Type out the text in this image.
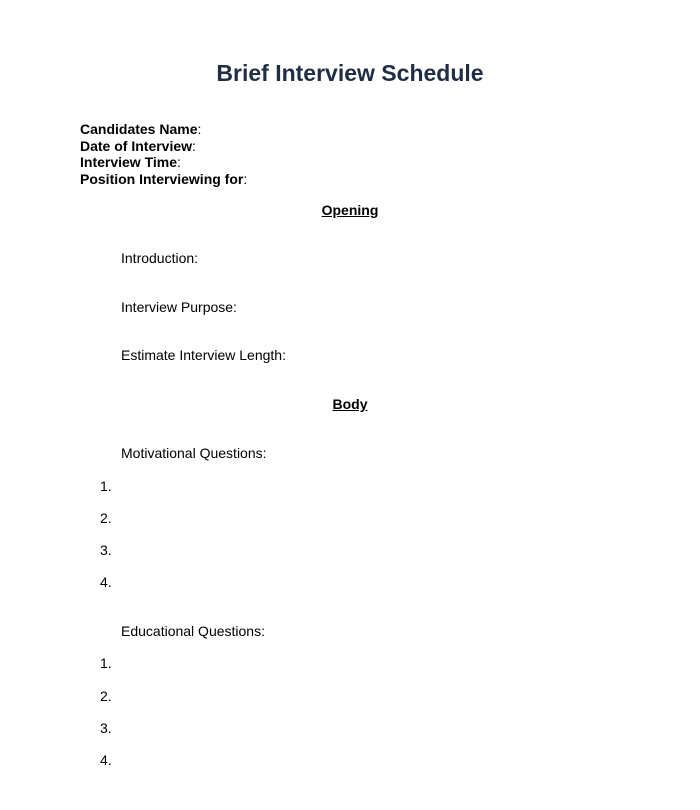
Brief Interview Schedule
Candidates Name:
Date of Interview:
Interview Time:
Position Interviewing for:
Opening
Introduction:
Interview Purpose:
Estimate Interview Length:
Body
Motivational Questions:
1.
2.
3.
4.
Educational Questions:
1.
2.
3.
4.
